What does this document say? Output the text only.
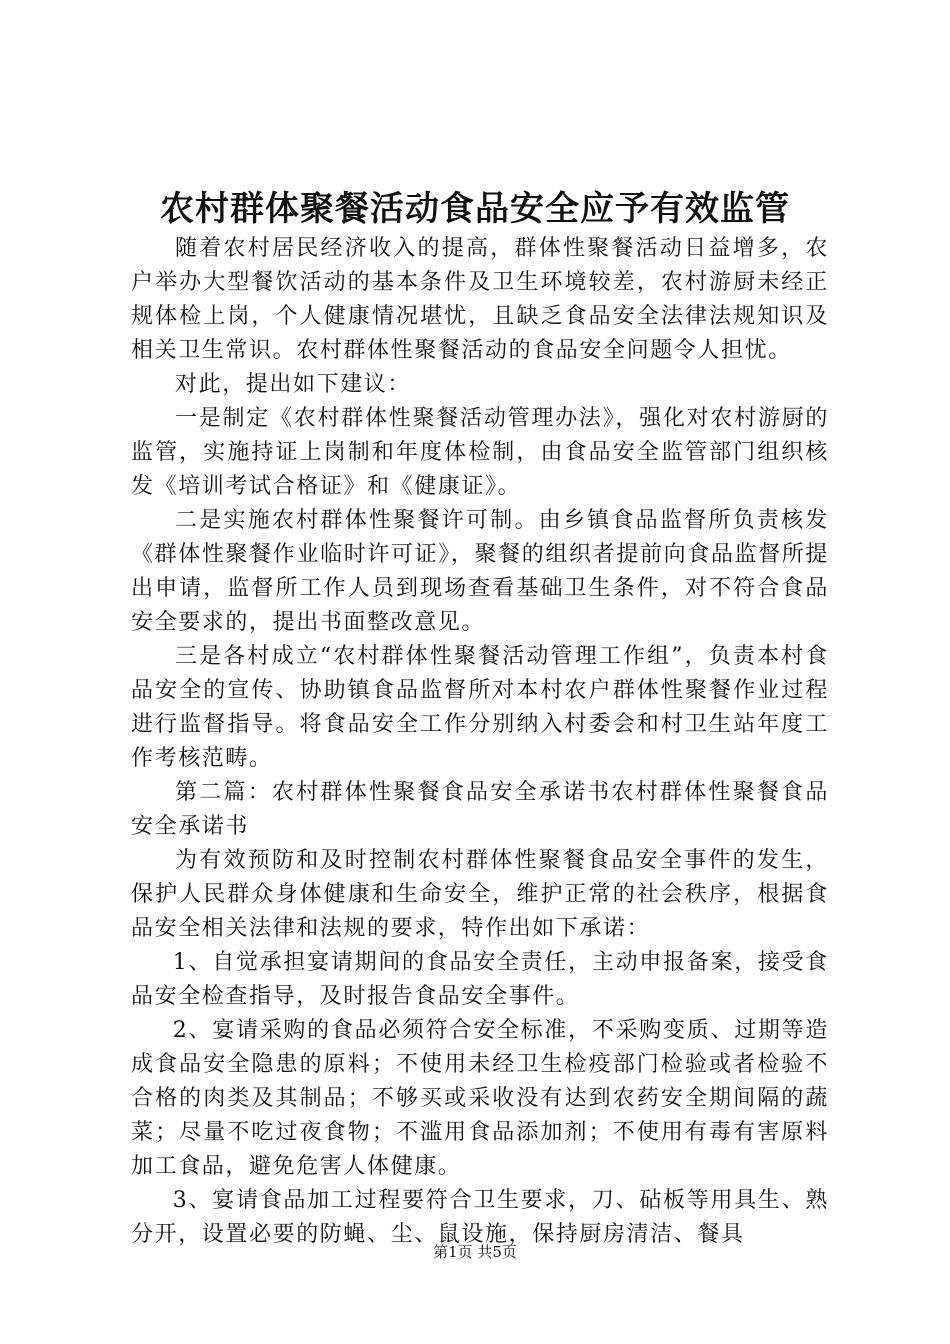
农村群体聚餐活动食品安全应予有效监管

随着农村居民经济收入的提高，群体性聚餐活动日益增多，农户举办大型餐饮活动的基本条件及卫生环境较差，农村游厨未经正规体检上岗，个人健康情况堪忧，且缺乏食品安全法律法规知识及相关卫生常识。农村群体性聚餐活动的食品安全问题令人担忧。

对此，提出如下建议：

一是制定《农村群体性聚餐活动管理办法》，强化对农村游厨的监管，实施持证上岗制和年度体检制，由食品安全监管部门组织核发《培训考试合格证》和《健康证》。

二是实施农村群体性聚餐许可制。由乡镇食品监督所负责核发《群体性聚餐作业临时许可证》，聚餐的组织者提前向食品监督所提出申请，监督所工作人员到现场查看基础卫生条件，对不符合食品安全要求的，提出书面整改意见。

三是各村成立“农村群体性聚餐活动管理工作组”，负责本村食品安全的宣传、协助镇食品监督所对本村农户群体性聚餐作业过程进行监督指导。将食品安全工作分别纳入村委会和村卫生站年度工作考核范畴。

第二篇：农村群体性聚餐食品安全承诺书农村群体性聚餐食品安全承诺书

为有效预防和及时控制农村群体性聚餐食品安全事件的发生，保护人民群众身体健康和生命安全，维护正常的社会秩序，根据食品安全相关法律和法规的要求，特作出如下承诺：

1、自觉承担宴请期间的食品安全责任，主动申报备案，接受食品安全检查指导，及时报告食品安全事件。

2、宴请采购的食品必须符合安全标准，不采购变质、过期等造成食品安全隐患的原料；不使用未经卫生检疫部门检验或者检验不合格的肉类及其制品；不够买或采收没有达到农药安全期间隔的蔬菜；尽量不吃过夜食物；不滥用食品添加剂；不使用有毒有害原料加工食品，避免危害人体健康。

3、宴请食品加工过程要符合卫生要求，刀、砧板等用具生、熟分开，设置必要的防蝇、尘、鼠设施，保持厨房清洁、餐具

第1页 共5页
